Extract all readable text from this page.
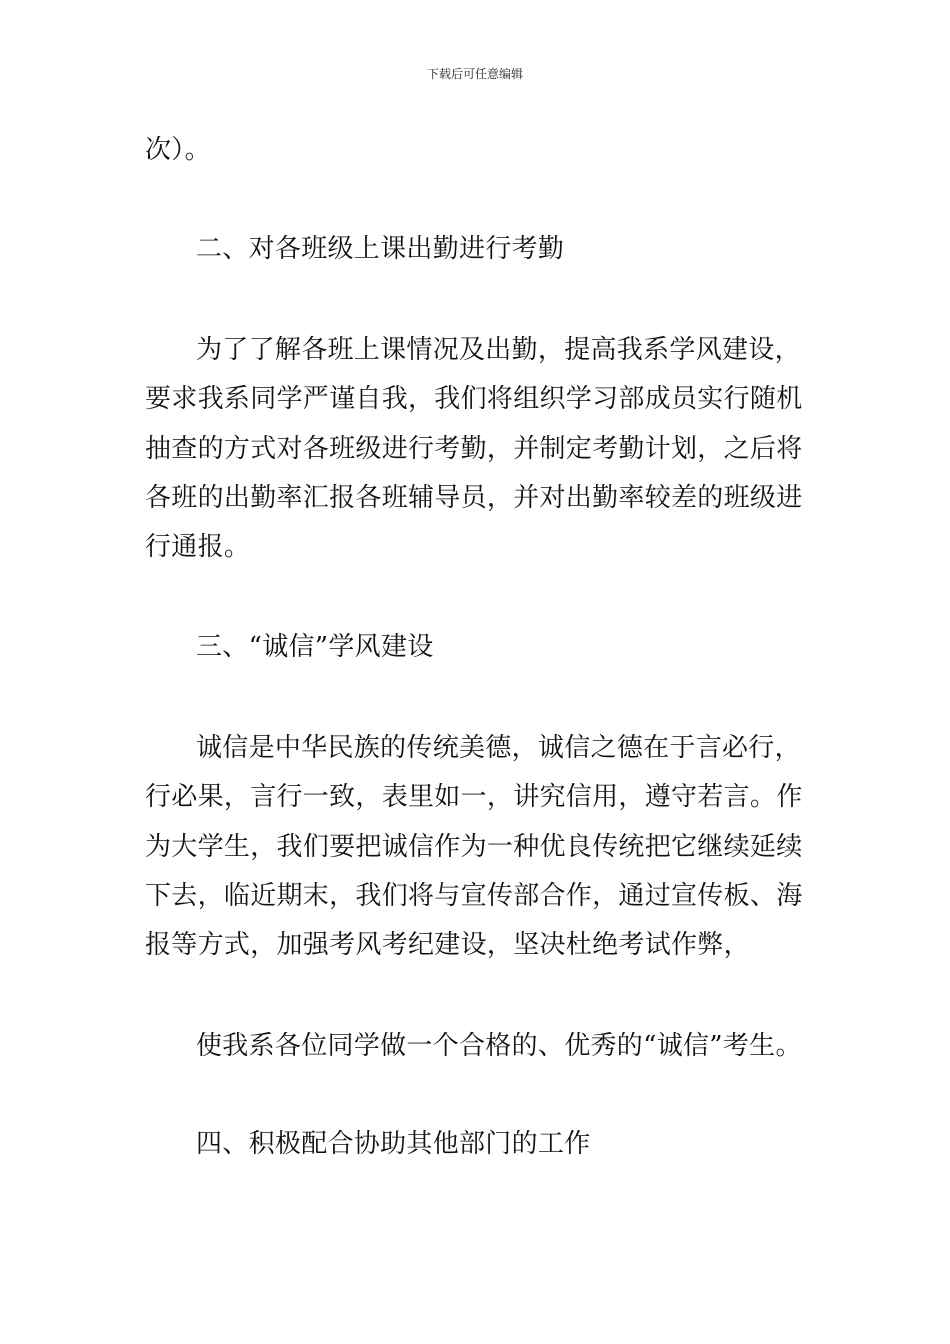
下载后可任意编辑
次）。
二、对各班级上课出勤进行考勤
为了了解各班上课情况及出勤，提高我系学风建设，
要求我系同学严谨自我，我们将组织学习部成员实行随机
抽查的方式对各班级进行考勤，并制定考勤计划，之后将
各班的出勤率汇报各班辅导员，并对出勤率较差的班级进
行通报。
三、“诚信”学风建设
诚信是中华民族的传统美德，诚信之德在于言必行，
行必果，言行一致，表里如一，讲究信用，遵守若言。作
为大学生，我们要把诚信作为一种优良传统把它继续延续
下去，临近期末，我们将与宣传部合作，通过宣传板、海
报等方式，加强考风考纪建设，坚决杜绝考试作弊，
使我系各位同学做一个合格的、优秀的“诚信”考生。
四、积极配合协助其他部门的工作
